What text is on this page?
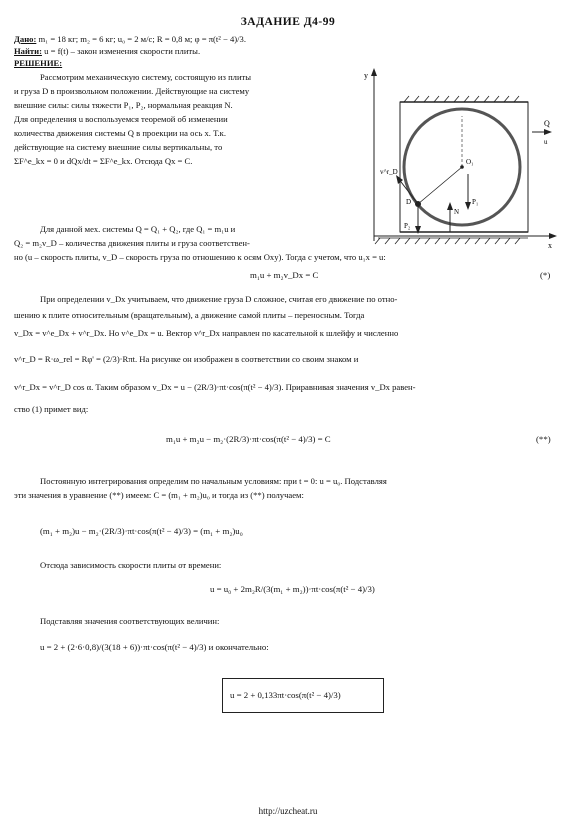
ЗАДАНИЕ Д4-99
Дано: m₁ = 18 кг; m₂ = 6 кг; u₀ = 2 м/с; R = 0,8 м; φ = π(t² − 4)/3.
Найти: u = f(t) – закон изменения скорости плиты.
РЕШЕНИЕ:
Рассмотрим механическую систему, состоящую из плиты
и груза D в произвольном положении. Действующие на систему
внешние силы: силы тяжести P₁, P₂, нормальная реакция N.
Для определения u воспользуемся теоремой об изменении
количества движения системы Q в проекции на ось x. Т.к.
действующие на систему внешние силы вертикальны, то
ΣF^e_kx = 0 и dQx/dt = ΣF^e_kx. Отсюда Qx = C.
Для данной мех. системы Q = Q₁ + Q₂, где Q₁ = m₁u и
Q₂ = m₂v_D – количества движения плиты и груза соответствен-
но (u – скорость плиты, v_D – скорость груза по отношению к осям Oxy). Тогда с учетом, что u₁x = u:
m₁u + m₂v_Dx = C	(*)
При определении v_Dx учитываем, что движение груза D сложное, считая его движение по отно-
шению к плите относительным (вращательным), а движение самой плиты – переносным. Тогда
v_Dx = v^e_Dx + v^r_Dx. Но v^e_Dx = u. Вектор v^r_Dx направлен по касательной к шлейфу и численно
v^r_D = R·ω_rel = Rφ' = (2/3)·Rπt. На рисунке он изображен в соответствии со своим знаком и
v^r_Dx = v^r_D cos α. Таким образом v_Dx = u − (2R/3)·πt·cos(π(t² − 4)/3). Приравнивая значения v_Dx равен-
ство (1) примет вид:
m₁u + m₂u − m₂·(2R/3)·πt·cos(π(t² − 4)/3) = C	(**)
Постоянную интегрирования определим по начальным условиям: при t = 0: u = u₀. Подставляя
эти значения в уравнение (**) имеем: C = (m₁ + m₂)u₀ и тогда из (**) получаем:
(m₁ + m₂)u − m₂·(2R/3)·πt·cos(π(t² − 4)/3) = (m₁ + m₂)u₀
Отсюда зависимость скорости плиты от времени:
u = u₀ + 2m₂R/(3(m₁ + m₂))·πt·cos(π(t² − 4)/3)
Подставляя значения соответствующих величин:
u = 2 + (2·6·0,8)/(3(18 + 6))·πt·cos(π(t² − 4)/3) и окончательно:
u = 2 + 0,133πt·cos(π(t² − 4)/3)
y
x
Q
O₁
D	P₁
P₂
v^r_D
N
u
http://uzcheat.ru
